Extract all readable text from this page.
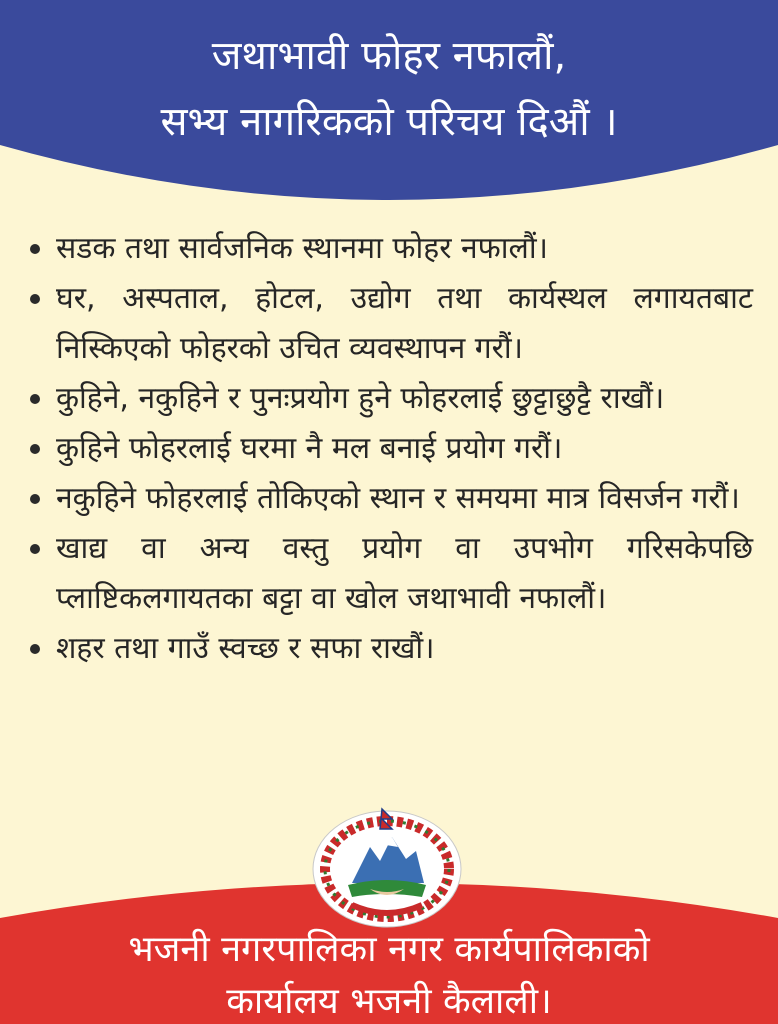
जथाभावी फोहर नफालौं,
सभ्य नागरिकको परिचय दिऔं ।
सडक तथा सार्वजनिक स्थानमा फोहर नफालौं।
घर, अस्पताल, होटल, उद्योग तथा कार्यस्थल लगायतबाट निस्किएको फोहरको उचित व्यवस्थापन गरौं।
कुहिने, नकुहिने र पुनःप्रयोग हुने फोहरलाई छुट्टाछुट्टै राखौं।
कुहिने फोहरलाई घरमा नै मल बनाई प्रयोग गरौं।
नकुहिने फोहरलाई तोकिएको स्थान र समयमा मात्र विसर्जन गरौं।
खाद्य वा अन्य वस्तु प्रयोग वा उपभोग गरिसकेपछि प्लाष्टिकलगायतका बट्टा वा खोल जथाभावी नफालौं।
शहर तथा गाउँ स्वच्छ र सफा राखौं।
भजनी नगरपालिका नगर कार्यपालिकाको
कार्यालय भजनी कैलाली।
